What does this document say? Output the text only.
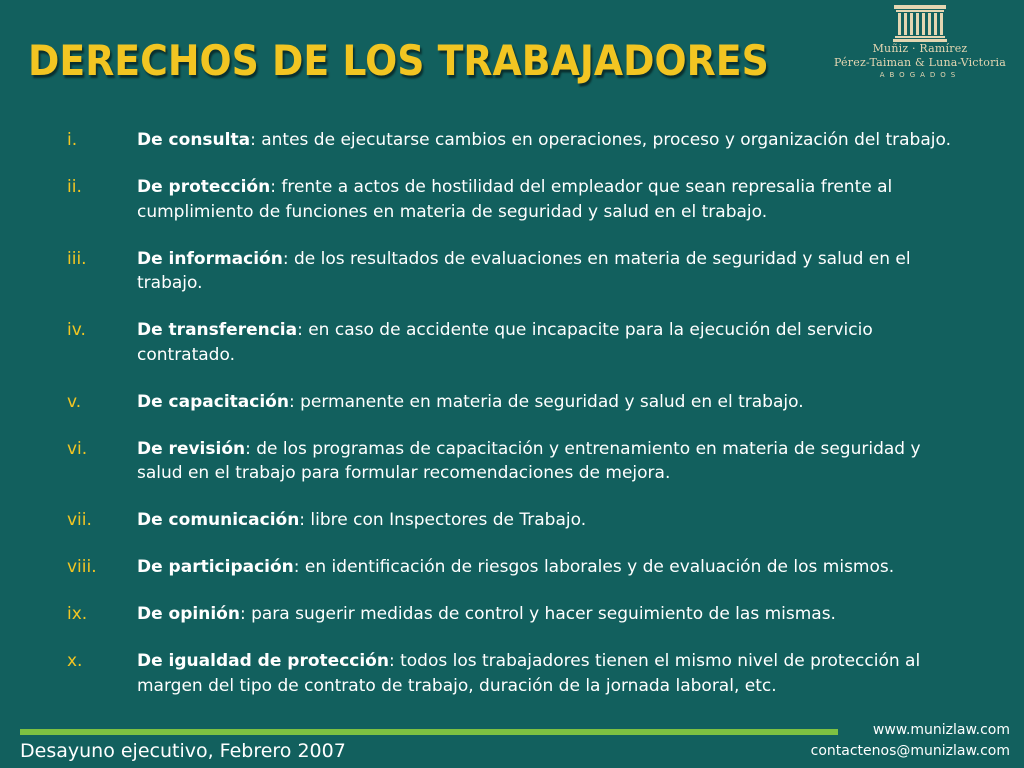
DERECHOS DE LOS TRABAJADORES	Muñiz · Ramírez
Pérez-Taiman & Luna-Victoria
ABOGADOS
i.	De consulta: antes de ejecutarse cambios en operaciones, proceso y organización del trabajo.
ii.	De protección: frente a actos de hostilidad del empleador que sean represalia frente al cumplimiento de funciones en materia de seguridad y salud en el trabajo.
iii.	De información: de los resultados de evaluaciones en materia de seguridad y salud en el trabajo.
iv.	De transferencia: en caso de accidente que incapacite para la ejecución del servicio contratado.
v.	De capacitación: permanente en materia de seguridad y salud en el trabajo.
vi.	De revisión: de los programas de capacitación y entrenamiento en materia de seguridad y salud en el trabajo para formular recomendaciones de mejora.
vii.	De comunicación: libre con Inspectores de Trabajo.
viii. De participación: en identificación de riesgos laborales y de evaluación de los mismos.
ix.	De opinión: para sugerir medidas de control y hacer seguimiento de las mismas.
x.	De igualdad de protección: todos los trabajadores tienen el mismo nivel de protección al margen del tipo de contrato de trabajo, duración de la jornada laboral, etc.
Desayuno ejecutivo, Febrero 2007
www.munizlaw.com
contactenos@munizlaw.com
